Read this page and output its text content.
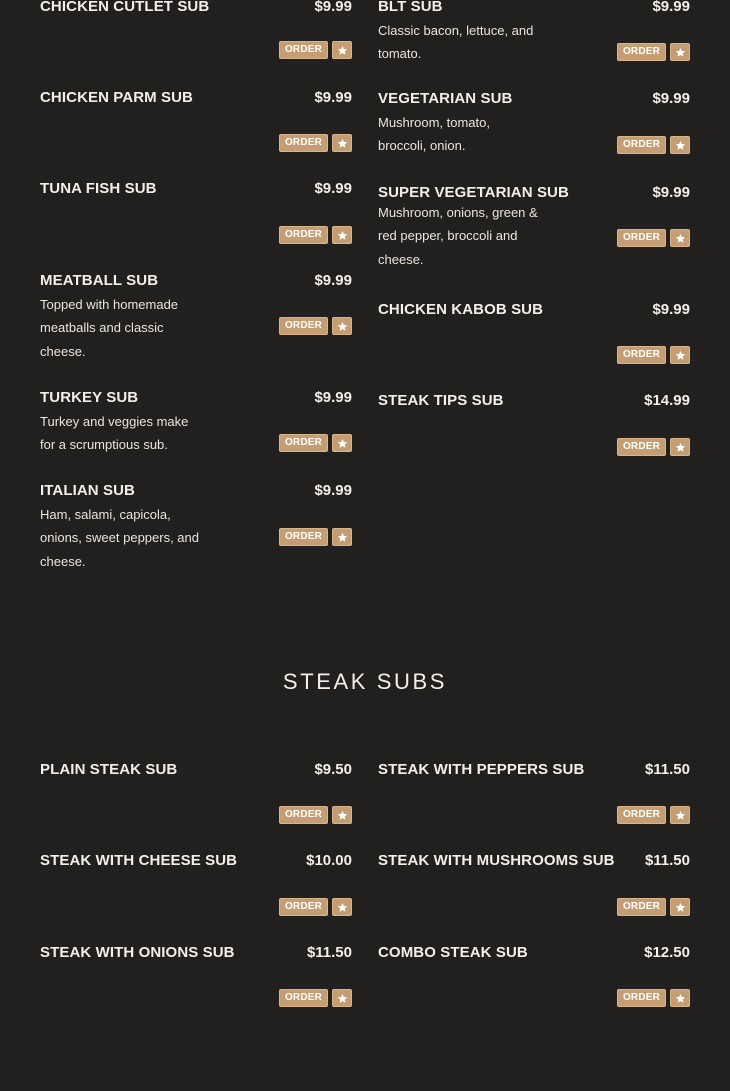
CHICKEN CUTLET SUB	$9.99
ORDER
CHICKEN PARM SUB	$9.99
ORDER
TUNA FISH SUB	$9.99
ORDER
MEATBALL SUB	$9.99
Topped with homemade meatballs and classic cheese.
ORDER
TURKEY SUB	$9.99
Turkey and veggies make for a scrumptious sub.	ORDER
ITALIAN SUB	$9.99
Ham, salami, capicola, onions, sweet peppers, and cheese.
ORDER
BLT SUB	$9.99
Classic bacon, lettuce, and tomato.	ORDER
VEGETARIAN SUB	$9.99
Mushroom, tomato, broccoli, onion.	ORDER
SUPER VEGETARIAN SUB	$9.99
Mushroom, onions, green & red pepper, broccoli and cheese.
ORDER
CHICKEN KABOB SUB	$9.99
ORDER
STEAK TIPS SUB	$14.99
ORDER
STEAK SUBS
PLAIN STEAK SUB	$9.50
ORDER
STEAK WITH CHEESE SUB	$10.00
ORDER
STEAK WITH ONIONS SUB	$11.50
ORDER
STEAK WITH PEPPERS SUB	$11.50
ORDER
STEAK WITH MUSHROOMS SUB $11.50
ORDER
COMBO STEAK SUB	$12.50
ORDER
